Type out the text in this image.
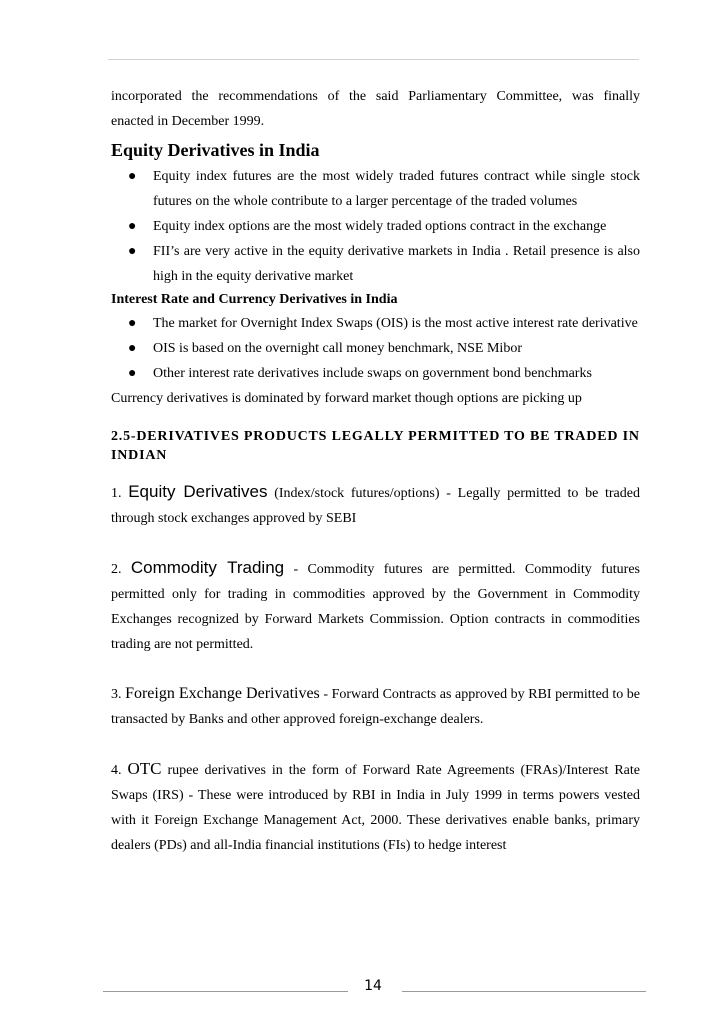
incorporated the recommendations of the said Parliamentary Committee, was finally

enacted in December 1999.

Equity Derivatives in India
● Equity index futures are the most widely traded futures contract while single stock futures on the whole contribute to a larger percentage of the traded volumes
● Equity index options are the most widely traded options contract in the exchange
● FII’s are very active in the equity derivative markets in India . Retail presence is also high in the equity derivative market
Interest Rate and Currency Derivatives in India
● The market for Overnight Index Swaps (OIS) is the most active interest rate derivative
● OIS is based on the overnight call money benchmark, NSE Mibor
● Other interest rate derivatives include swaps on government bond benchmarks

Currency derivatives is dominated by forward market though options are picking up

2.5-DERIVATIVES PRODUCTS LEGALLY PERMITTED TO BE TRADED IN INDIAN

1. Equity Derivatives (Index/stock futures/options) - Legally permitted to be traded through stock exchanges approved by SEBI

2. Commodity Trading - Commodity futures are permitted. Commodity futures permitted only for trading in commodities approved by the Government in Commodity Exchanges recognized by Forward Markets Commission. Option contracts in commodities trading are not permitted.

3. Foreign Exchange Derivatives - Forward Contracts as approved by RBI permitted to be transacted by Banks and other approved foreign-exchange dealers.

4. OTC rupee derivatives in the form of Forward Rate Agreements (FRAs)/Interest Rate Swaps (IRS) - These were introduced by RBI in India in July 1999 in terms powers vested with it Foreign Exchange Management Act, 2000. These derivatives enable banks, primary dealers (PDs) and all-India financial institutions (FIs) to hedge interest

14
